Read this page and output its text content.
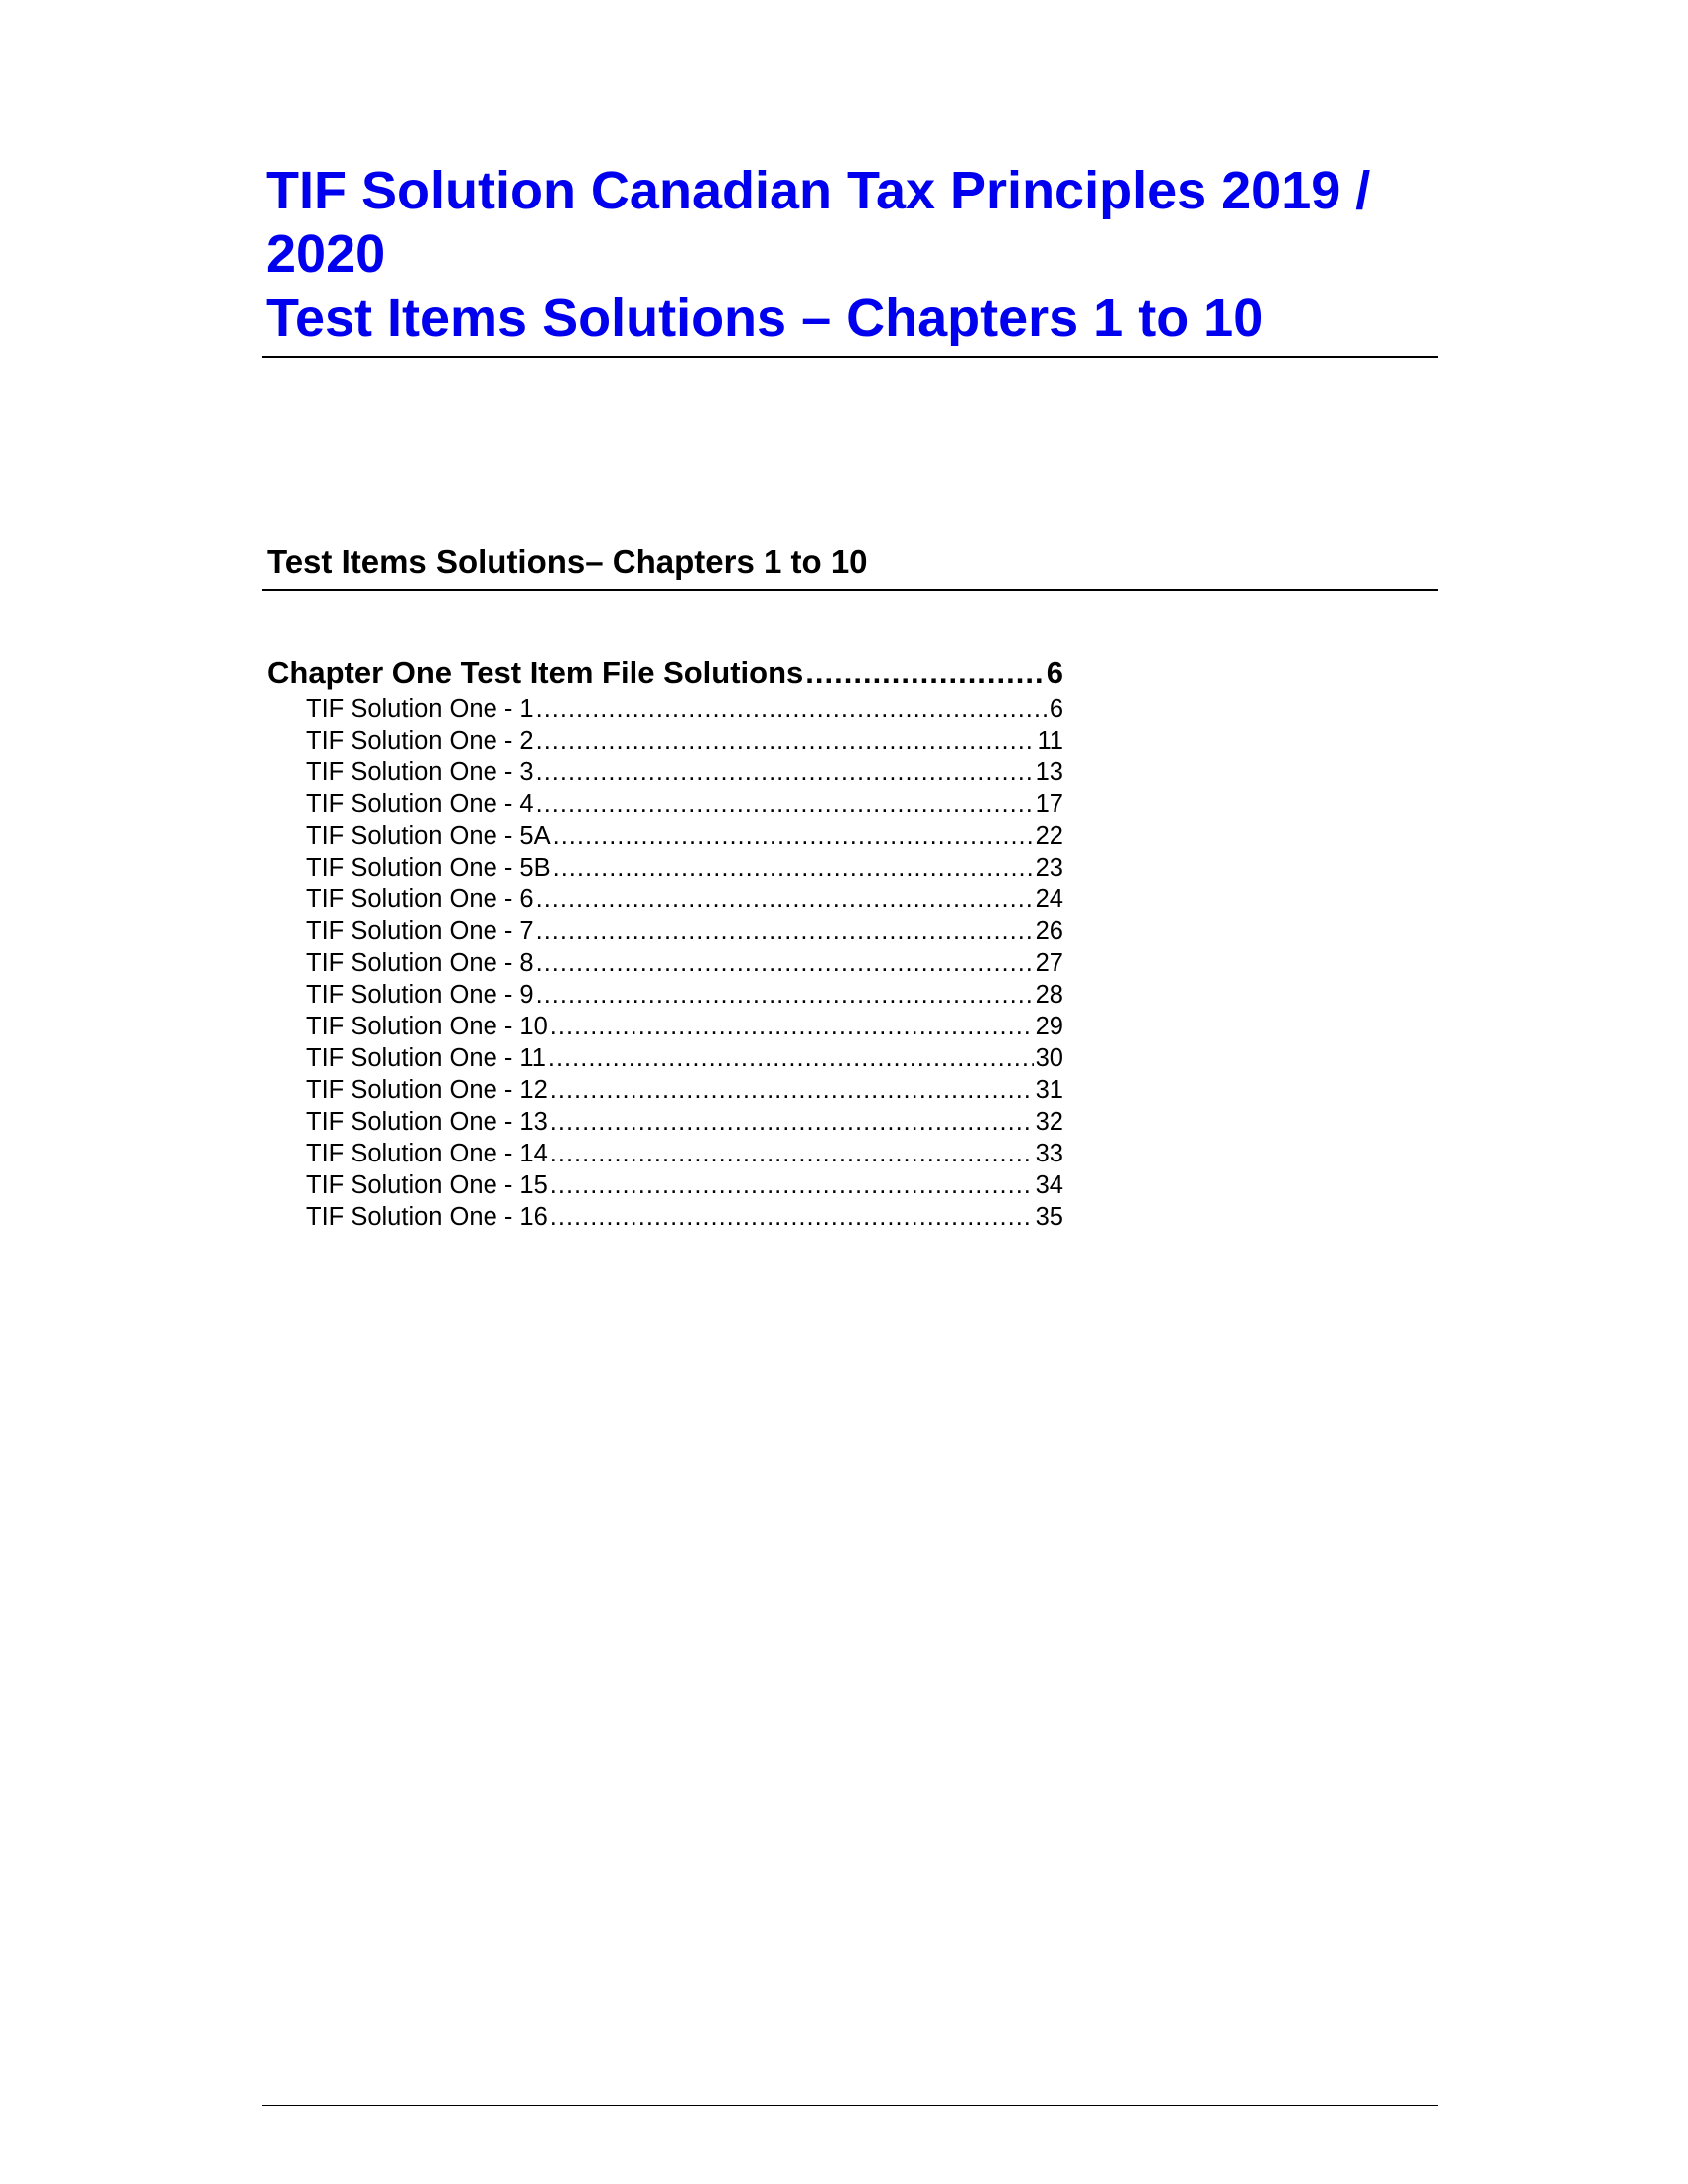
TIF Solution Canadian Tax Principles 2019 /
2020
Test Items Solutions – Chapters 1 to 10
Test Items Solutions– Chapters 1 to 10
Chapter One Test Item File Solutions .....	6
TIF Solution One - 1 .....	6
TIF Solution One - 2 .....	11
TIF Solution One - 3 .....	13
TIF Solution One - 4 .....	17
TIF Solution One - 5A .....	22
TIF Solution One - 5B .....	23
TIF Solution One - 6 .....	24
TIF Solution One - 7 .....	26
TIF Solution One - 8 .....	27
TIF Solution One - 9 .....	28
TIF Solution One - 10 .....	29
TIF Solution One - 11 .....	30
TIF Solution One - 12 .....	31
TIF Solution One - 13 .....	32
TIF Solution One - 14 .....	33
TIF Solution One - 15 .....	34
TIF Solution One - 16 .....	35
